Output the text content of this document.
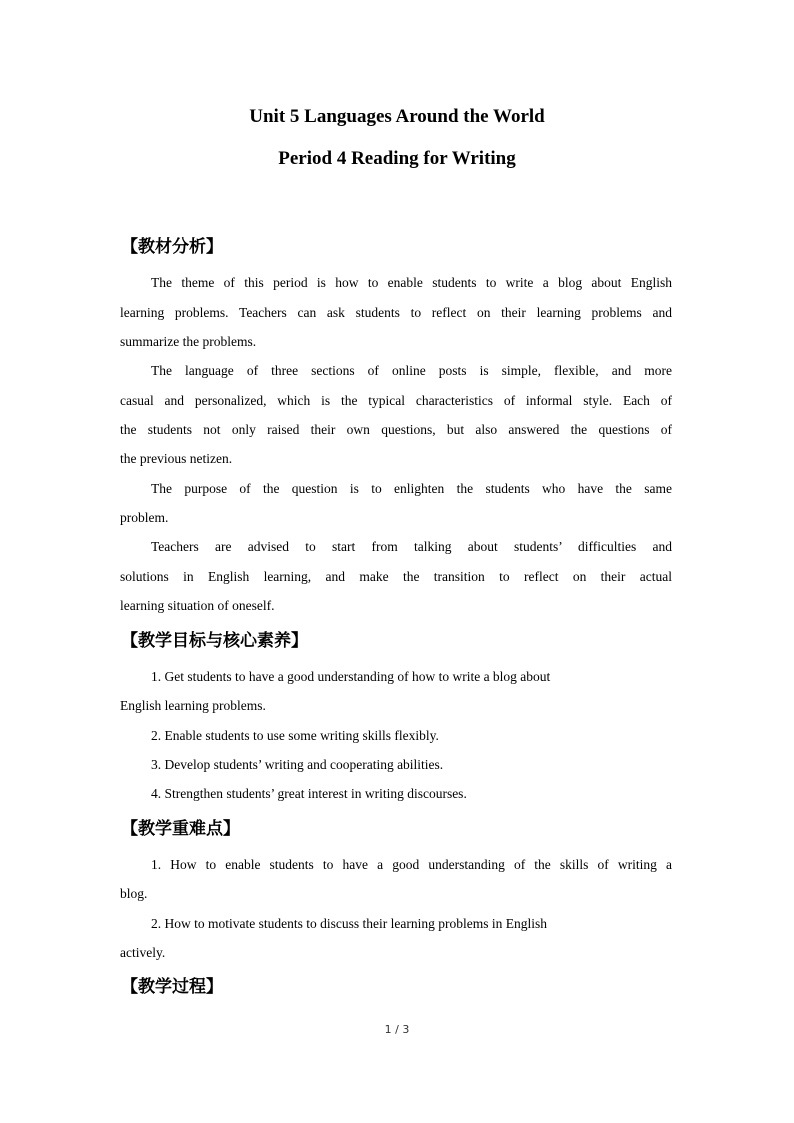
Unit 5 Languages Around the World
Period 4 Reading for Writing
【教材分析】
The theme of this period is how to enable students to write a blog about English
learning problems. Teachers can ask students to reflect on their learning problems and
summarize the problems.
The language of three sections of online posts is simple, flexible, and more
casual and personalized, which is the typical characteristics of informal style. Each of
the students not only raised their own questions, but also answered the questions of
the previous netizen.
The purpose of the question is to enlighten the students who have the same
problem.
Teachers are advised to start from talking about students’ difficulties and
solutions in English learning, and make the transition to reflect on their actual
learning situation of oneself.
【教学目标与核心素养】
1. Get students to have a good understanding of how to write a blog about
English learning problems.
2. Enable students to use some writing skills flexibly.
3. Develop students’ writing and cooperating abilities.
4. Strengthen students’ great interest in writing discourses.
【教学重难点】
1. How to enable students to have a good understanding of the skills of writing a
blog.
2. How to motivate students to discuss their learning problems in English
actively.
【教学过程】
1 / 3
